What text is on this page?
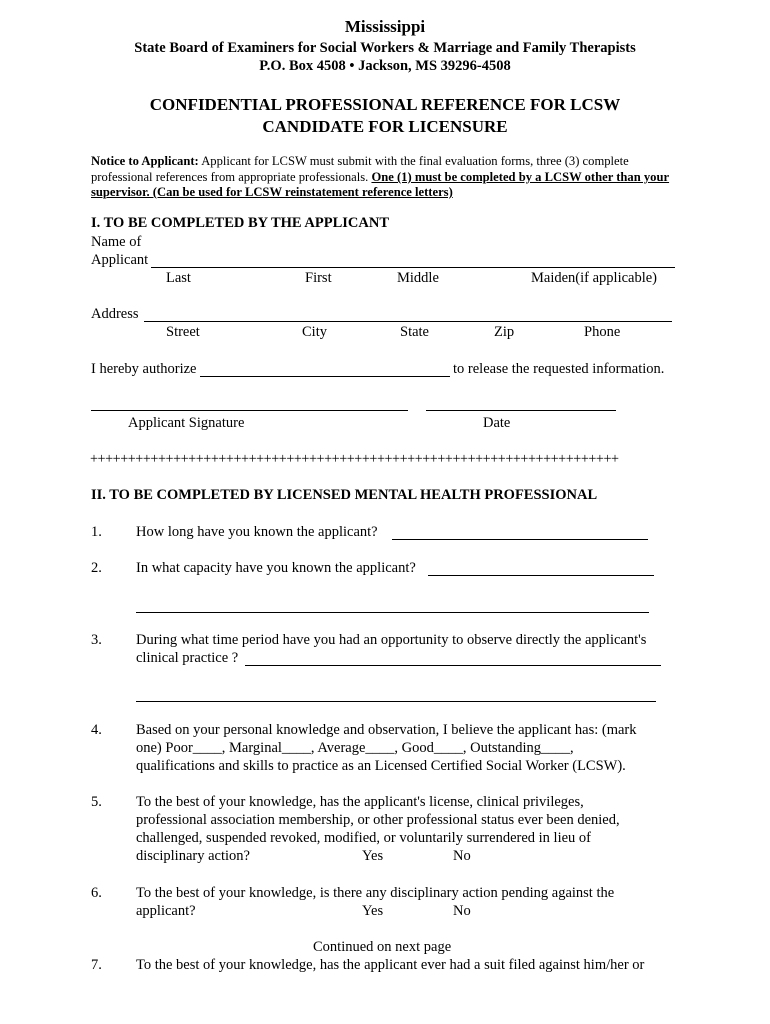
Mississippi
State Board of Examiners for Social Workers & Marriage and Family Therapists
P.O. Box 4508 • Jackson, MS 39296-4508
CONFIDENTIAL PROFESSIONAL REFERENCE FOR LCSW
CANDIDATE FOR LICENSURE
Notice to Applicant: Applicant for LCSW must submit with the final evaluation forms, three (3) complete
professional references from appropriate professionals. One (1) must be completed by a LCSW other than your
supervisor. (Can be used for LCSW reinstatement reference letters)
I. TO BE COMPLETED BY THE APPLICANT
Name of
Applicant
Last	First	Middle	Maiden(if applicable)
Address
Street	City	State	Zip	Phone
I hereby authorize	to release the requested information.
Applicant Signature	Date
++++++++++++++++++++++++++++++++++++++++++++++++++++++++++++++++++++++
II. TO BE COMPLETED BY LICENSED MENTAL HEALTH PROFESSIONAL
1. How long have you known the applicant?
2. In what capacity have you known the applicant?
3. During what time period have you had an opportunity to observe directly the applicant's
clinical practice ?
4. Based on your personal knowledge and observation, I believe the applicant has: (mark
one) Poor____, Marginal____, Average____, Good____, Outstanding____,
qualifications and skills to practice as an Licensed Certified Social Worker (LCSW).
5. To the best of your knowledge, has the applicant's license, clinical privileges,
professional association membership, or other professional status ever been denied,
challenged, suspended revoked, modified, or voluntarily surrendered in lieu of
disciplinary action?	Yes	No
6. To the best of your knowledge, is there any disciplinary action pending against the
applicant?	Yes	No
Continued on next page
7. To the best of your knowledge, has the applicant ever had a suit filed against him/her or
